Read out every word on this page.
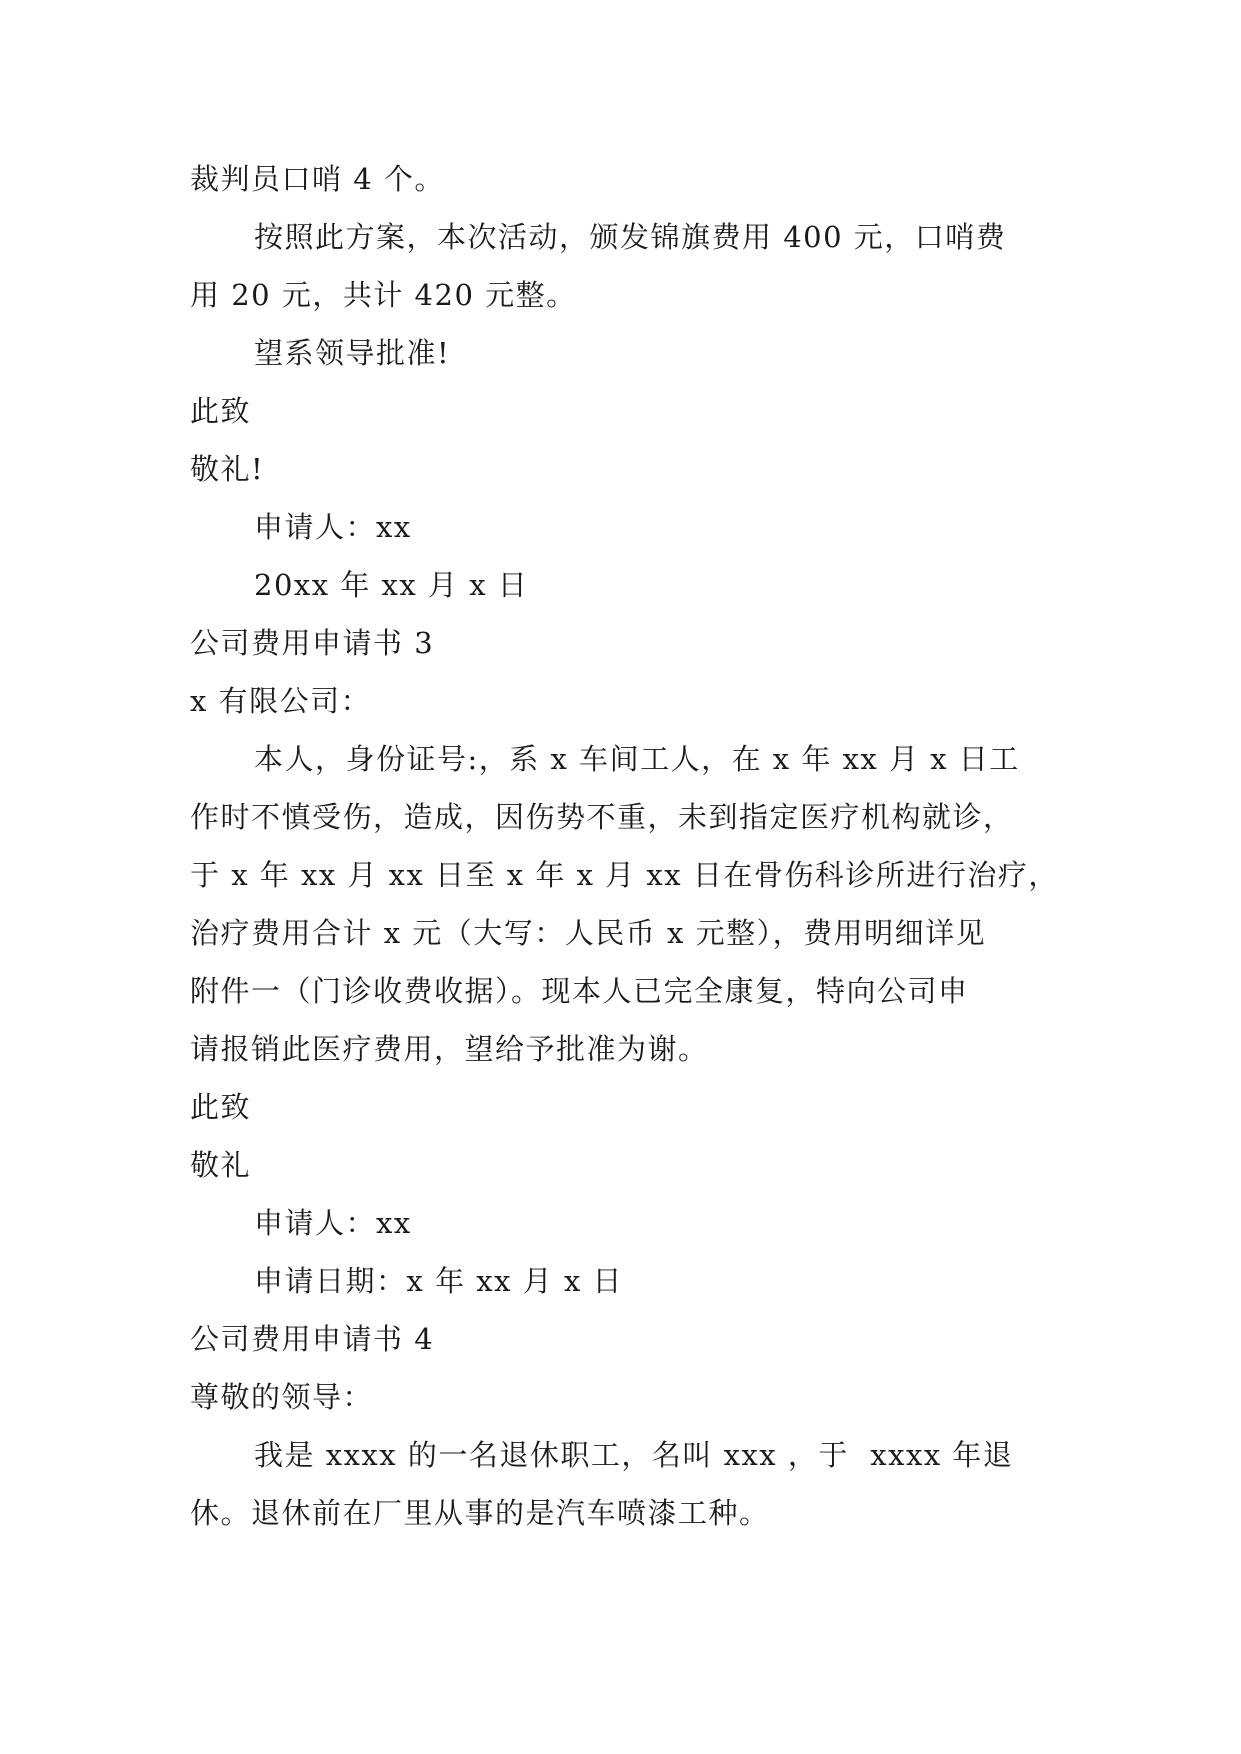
裁判员口哨 4 个。
按照此方案，本次活动，颁发锦旗费用 400 元，口哨费
用 20 元，共计 420 元整。
望系领导批准!
此致
敬礼!
申请人：xx
20xx 年 xx 月 x 日
公司费用申请书 3
x 有限公司：
本人，身份证号:，系 x 车间工人，在 x 年 xx 月 x 日工
作时不慎受伤，造成，因伤势不重，未到指定医疗机构就诊，
于 x 年 xx 月 xx 日至 x 年 x 月 xx 日在骨伤科诊所进行治疗，
治疗费用合计 x 元（大写：人民币 x 元整），费用明细详见
附件一（门诊收费收据）。现本人已完全康复，特向公司申
请报销此医疗费用，望给予批准为谢。
此致
敬礼
申请人：xx
申请日期：x 年 xx 月 x 日
公司费用申请书 4
尊敬的领导：
我是 xxxx 的一名退休职工，名叫 xxx ，于  xxxx 年退
休。退休前在厂里从事的是汽车喷漆工种。
